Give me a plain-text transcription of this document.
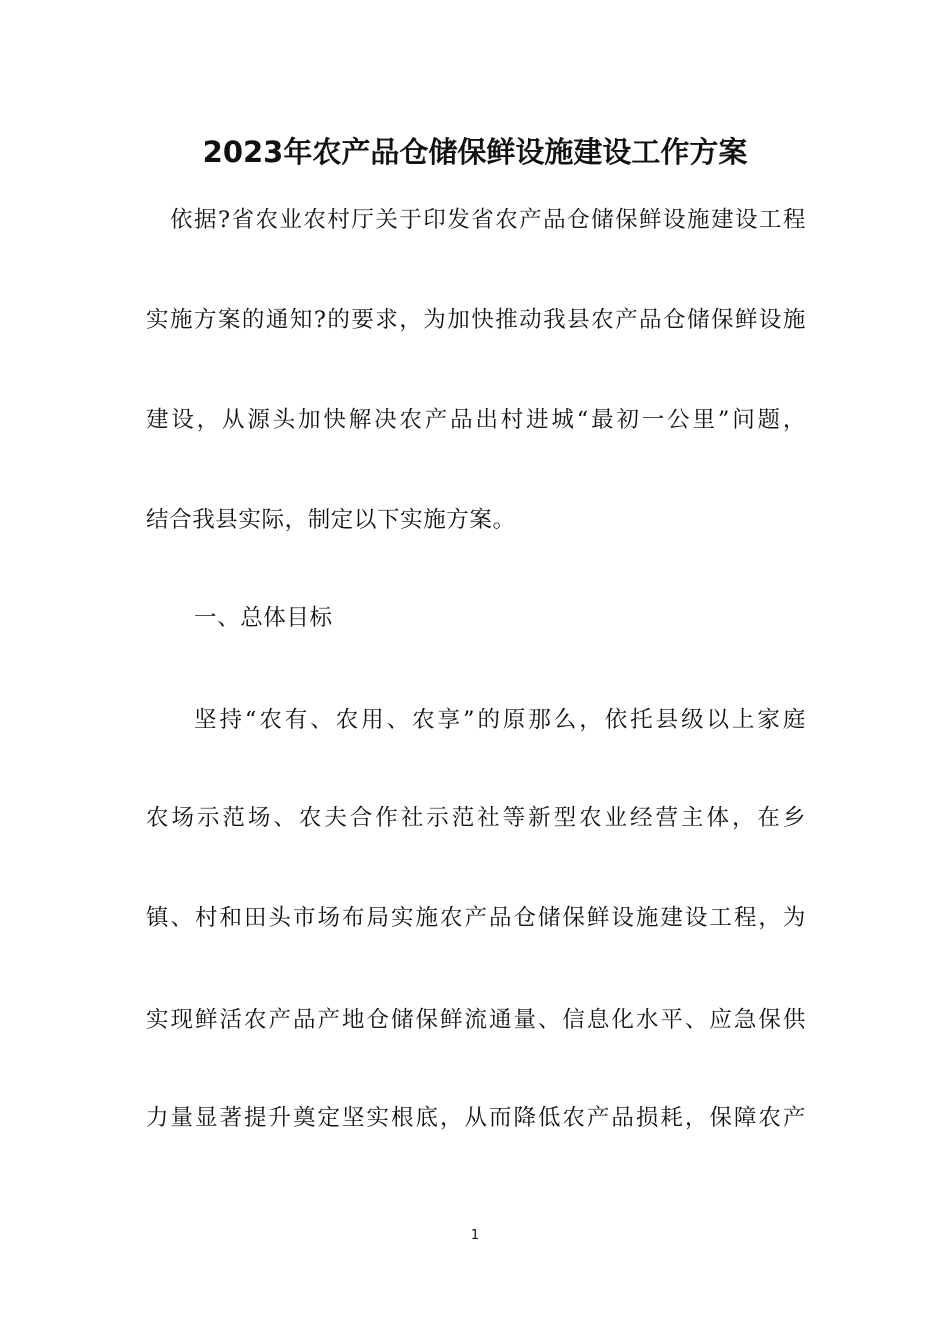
2023年农产品仓储保鲜设施建设工作方案
依据?省农业农村厅关于印发省农产品仓储保鲜设施建设工程
实施方案的通知?的要求，为加快推动我县农产品仓储保鲜设施
建设，从源头加快解决农产品出村进城“最初一公里”问题，
结合我县实际，制定以下实施方案。
一、总体目标
坚持“农有、农用、农享”的原那么，依托县级以上家庭
农场示范场、农夫合作社示范社等新型农业经营主体，在乡
镇、村和田头市场布局实施农产品仓储保鲜设施建设工程，为
实现鲜活农产品产地仓储保鲜流通量、信息化水平、应急保供
力量显著提升奠定坚实根底，从而降低农产品损耗，保障农产
1
